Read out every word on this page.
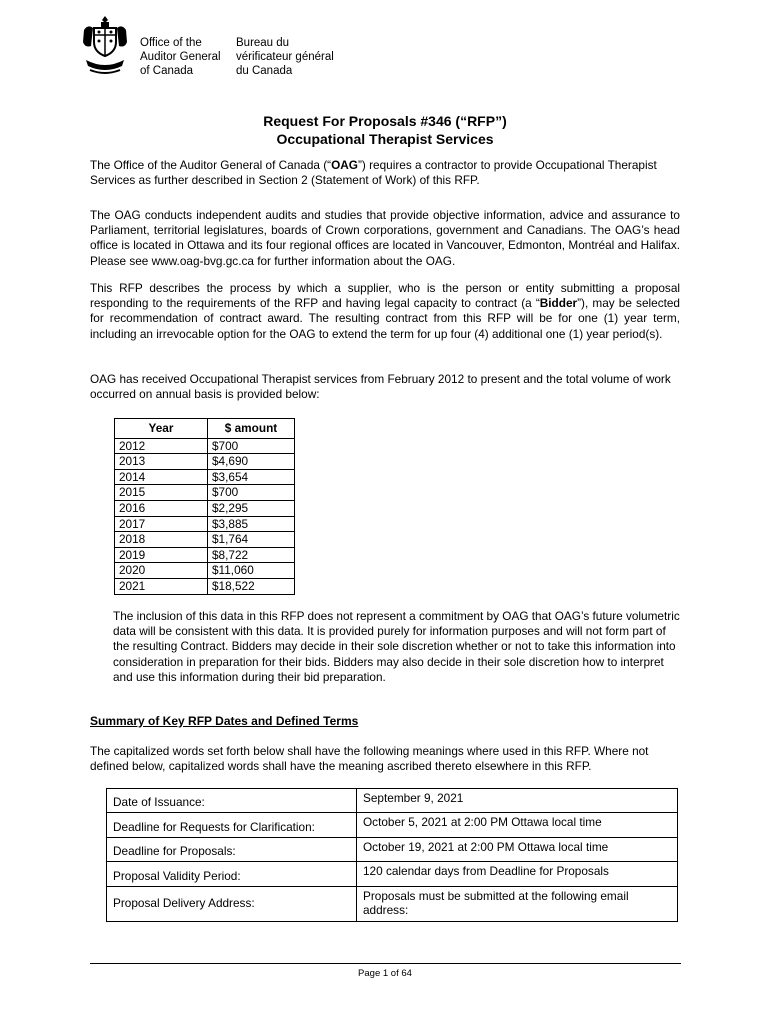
Office of the
Auditor General
of Canada
Bureau du
vérificateur général
du Canada
Request For Proposals #346 (“RFP”)
Occupational Therapist Services
The Office of the Auditor General of Canada (“OAG”) requires a contractor to provide Occupational Therapist Services as further described in Section 2 (Statement of Work) of this RFP.
The OAG conducts independent audits and studies that provide objective information, advice and assurance to Parliament, territorial legislatures, boards of Crown corporations, government and Canadians. The OAG’s head office is located in Ottawa and its four regional offices are located in Vancouver, Edmonton, Montréal and Halifax. Please see www.oag-bvg.gc.ca for further information about the OAG.
This RFP describes the process by which a supplier, who is the person or entity submitting a proposal responding to the requirements of the RFP and having legal capacity to contract (a “Bidder”), may be selected for recommendation of contract award. The resulting contract from this RFP will be for one (1) year term, including an irrevocable option for the OAG to extend the term for up four (4) additional one (1) year period(s).
OAG has received Occupational Therapist services from February 2012 to present and the total volume of work occurred on annual basis is provided below:
Year	$ amount
2012	$700
2013	$4,690
2014	$3,654
2015	$700
2016	$2,295
2017	$3,885
2018	$1,764
2019	$8,722
2020	$11,060
2021	$18,522
The inclusion of this data in this RFP does not represent a commitment by OAG that OAG’s future volumetric data will be consistent with this data. It is provided purely for information purposes and will not form part of the resulting Contract. Bidders may decide in their sole discretion whether or not to take this information into consideration in preparation for their bids. Bidders may also decide in their sole discretion how to interpret and use this information during their bid preparation.
Summary of Key RFP Dates and Defined Terms
The capitalized words set forth below shall have the following meanings where used in this RFP. Where not defined below, capitalized words shall have the meaning ascribed thereto elsewhere in this RFP.
Date of Issuance:	September 9, 2021
Deadline for Requests for Clarification:	October 5, 2021 at 2:00 PM Ottawa local time
Deadline for Proposals:	October 19, 2021 at 2:00 PM Ottawa local time
Proposal Validity Period:	120 calendar days from Deadline for Proposals
Proposal Delivery Address:	Proposals must be submitted at the following email address:
Page 1 of 64
